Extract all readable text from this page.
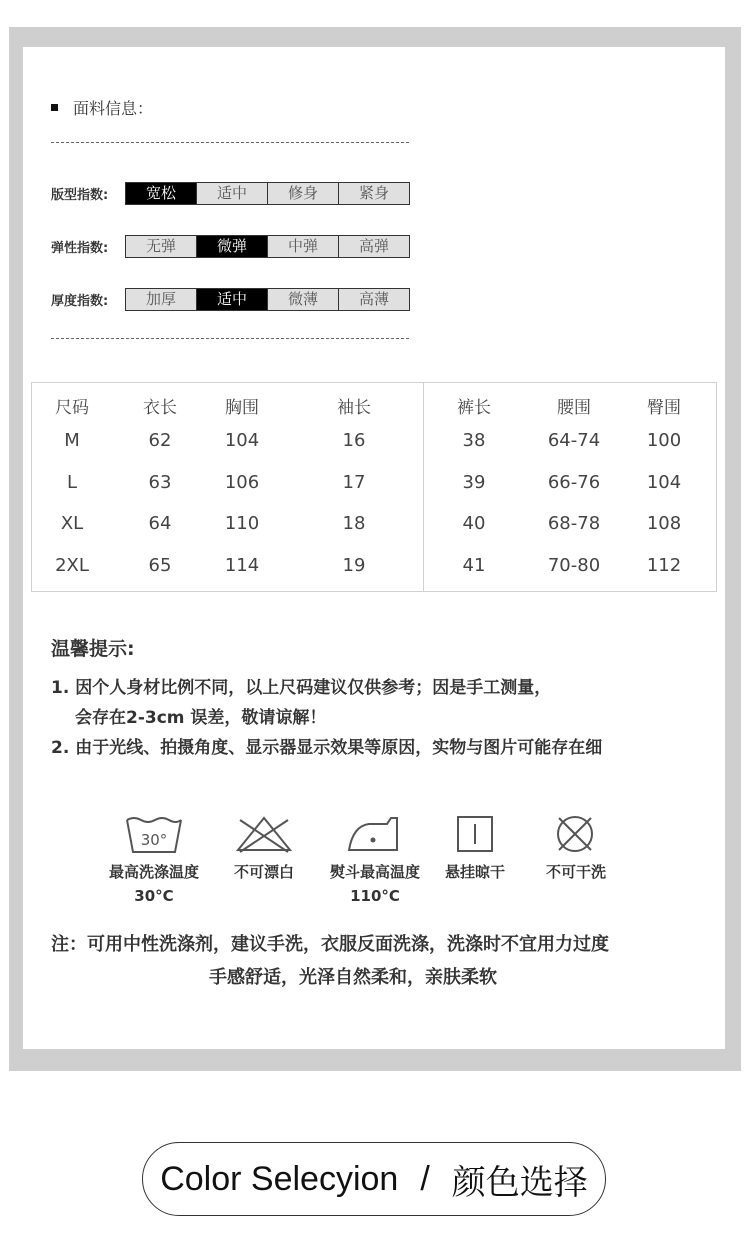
面料信息：
版型指数:	宽松	适中	修身	紧身
弹性指数:	无弹	微弹	中弹	高弹
厚度指数:	加厚	适中	微薄	高薄
尺码	衣长	胸围	袖长	裤长	腰围	臀围
M	62	104	16	38	64-74	100
L	63	106	17	39	66-76	104
XL	64	110	18	40	68-78	108
2XL	65	114	19	41	70-80	112
温馨提示:
1. 因个人身材比例不同，以上尺码建议仅供参考；因是手工测量，
会存在2-3cm 误差，敬请谅解！
2. 由于光线、拍摄角度、显示器显示效果等原因，实物与图片可能存在细
30°
最高洗涤温度
30°C
不可漂白 熨斗最高温度
110°C
悬挂晾干	不可干洗
注：可用中性洗涤剂，建议手洗，衣服反面洗涤，洗涤时不宜用力过度
手感舒适，光泽自然柔和，亲肤柔软
Color Selecyion / 颜色选择
